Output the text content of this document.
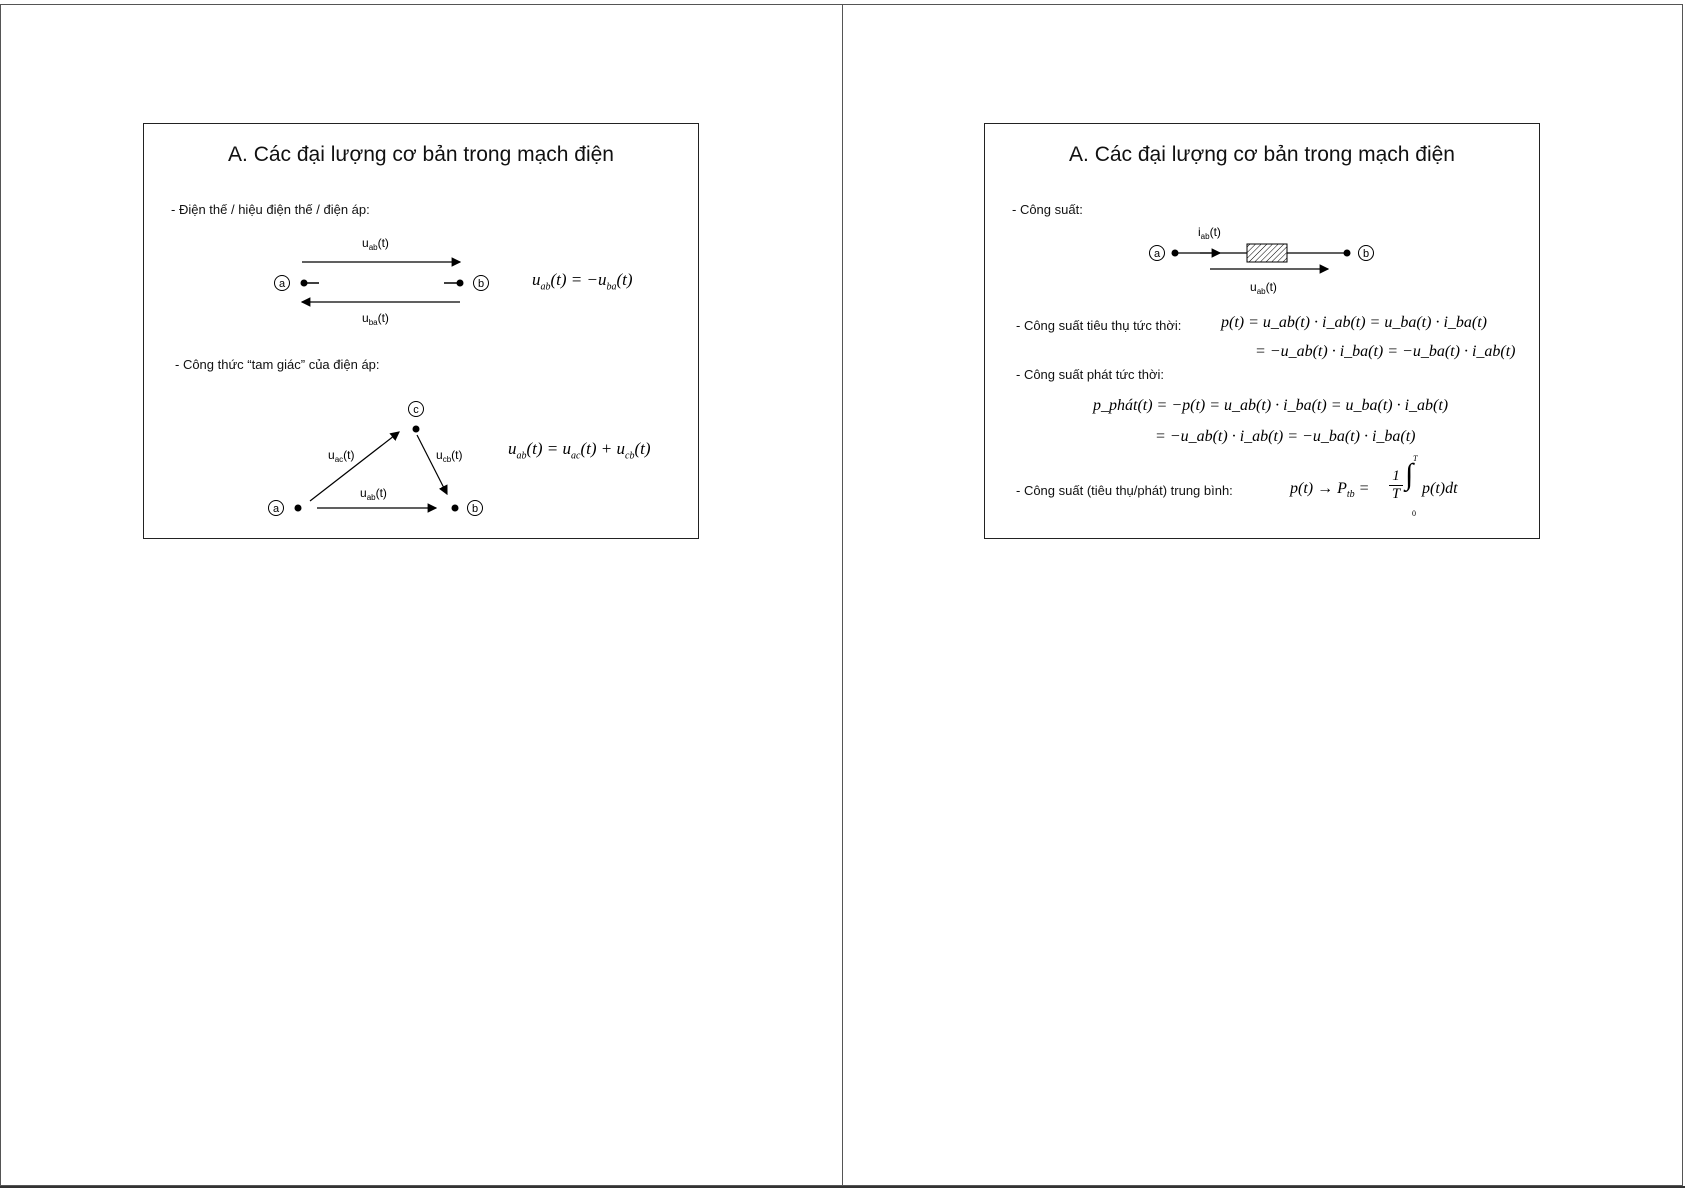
A. Các đại lượng cơ bản trong mạch điện
- Điện thế / hiệu điện thế / điện áp:
- Công thức “tam giác” của điện áp:
a	b
$u_{ab}(t)$
$u_{ba}(t)$
a
c
b
$u_{ac}(t)$	$u_{cb}(t)$
$u_{ab}(t)$
$u_{ab}(t) = -u_{ba}(t)$
$u_{ab}(t) = u_{ac}(t) + u_{cb}(t)$
A. Các đại lượng cơ bản trong mạch điện
- Công suất:
- Công suất tiêu thụ tức thời:
- Công suất phát tức thời:
- Công suất (tiêu thụ/phát) trung bình:
a	b
$i_{ab}(t)$
$u_{ab}(t)$
p(t) = u_ab(t) · i_ab(t) = u_ba(t) · i_ba(t)
= −u_ab(t) · i_ba(t) = −u_ba(t) · i_ab(t)
p_phát(t) = −p(t) = u_ab(t) · i_ba(t) = u_ba(t) · i_ab(t)
= −u_ab(t) · i_ab(t) = −u_ba(t) · i_ba(t)
$p(t) \to P_{tb} = \frac{1}{T}$ ∫ T
0
p(t)dt
